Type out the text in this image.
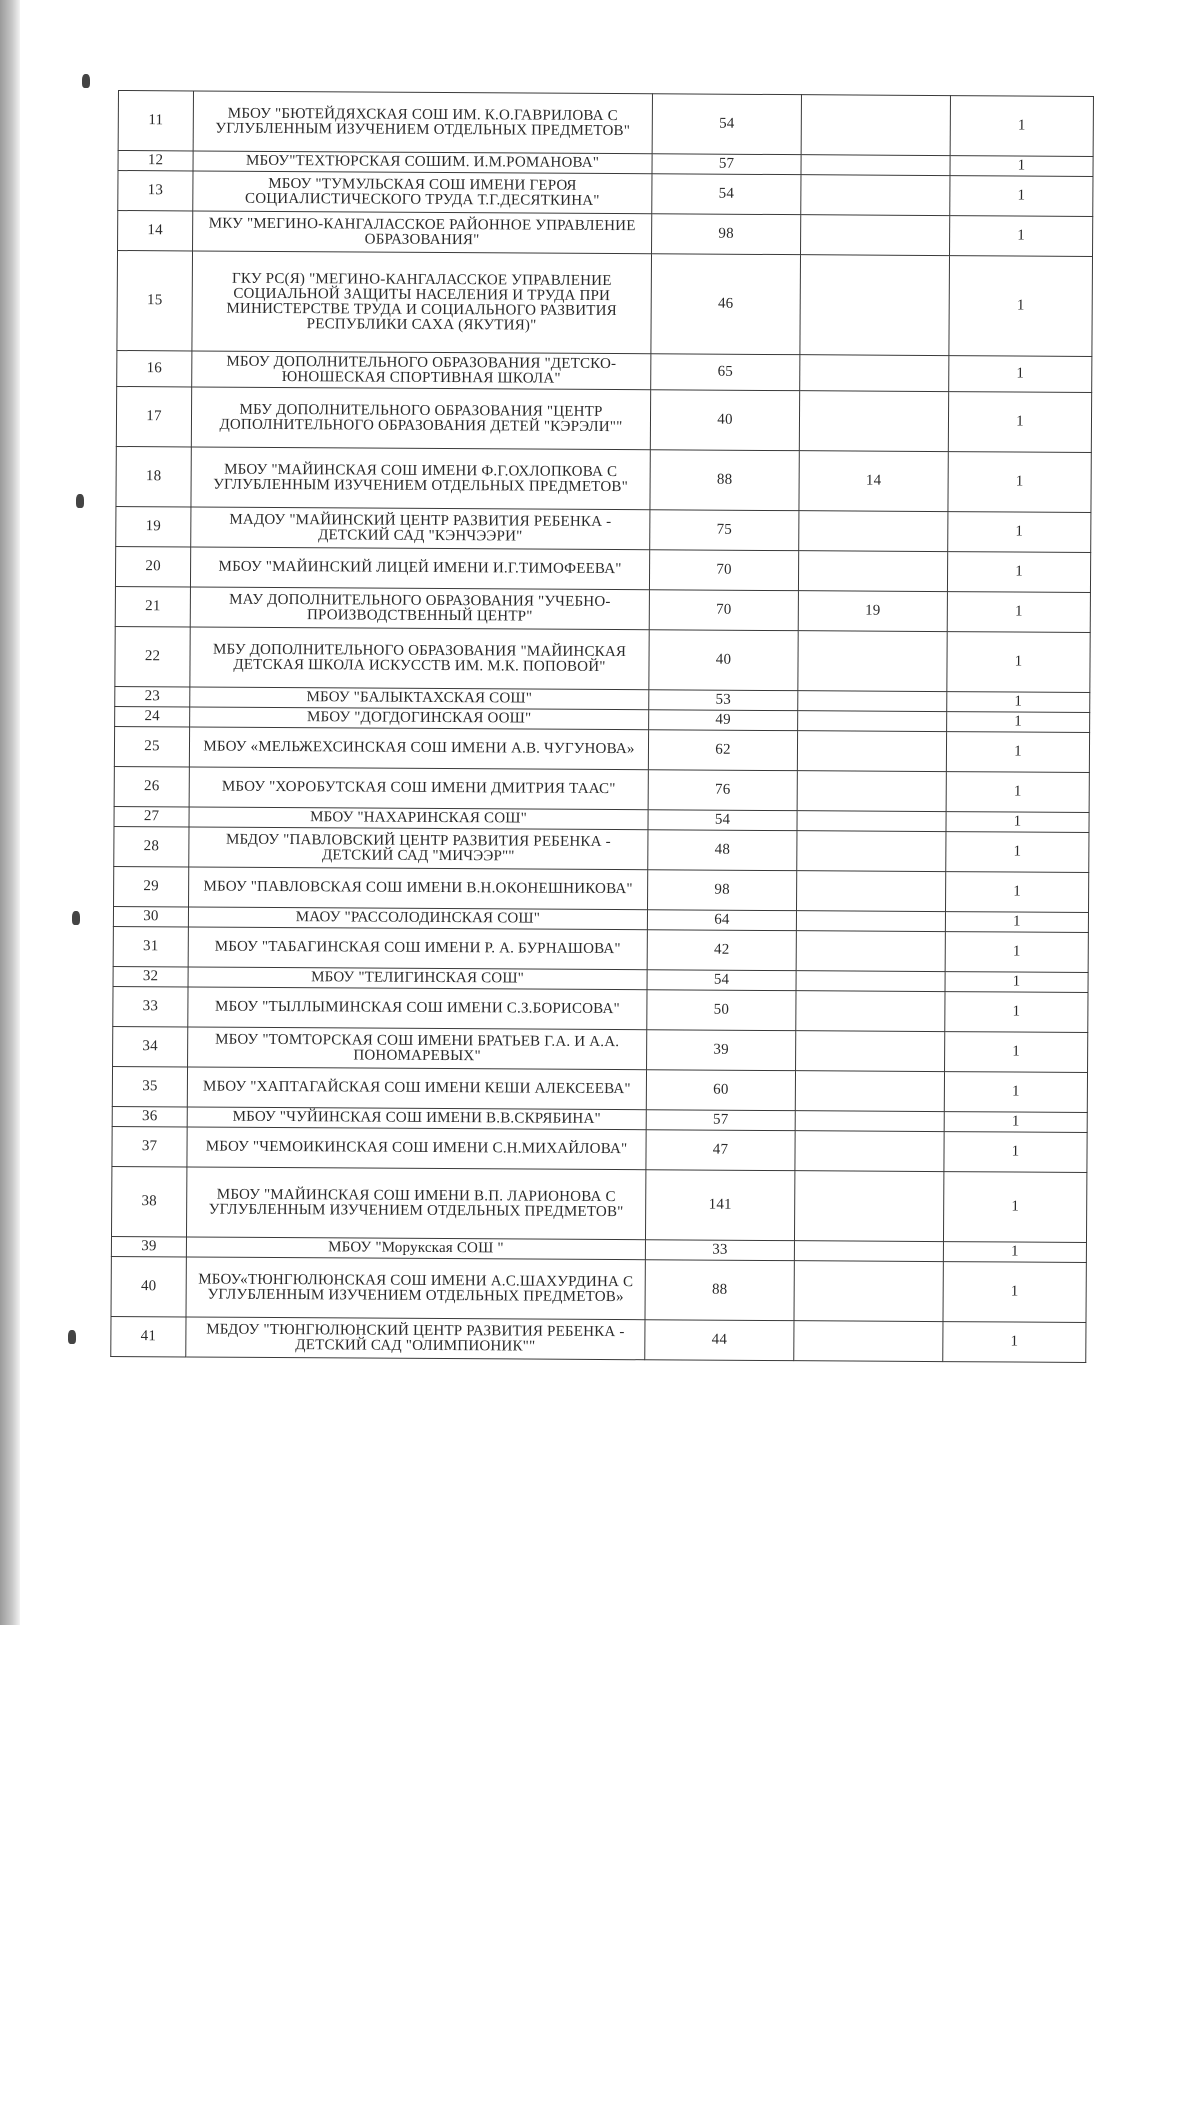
11	МБОУ "БЮТЕЙДЯХСКАЯ СОШ ИМ. К.О.ГАВРИЛОВА С УГЛУБЛЕННЫМ ИЗУЧЕНИЕМ ОТДЕЛЬНЫХ ПРЕДМЕТОВ"	54		1
12	МБОУ"ТЕХТЮРСКАЯ СОШИМ. И.М.РОМАНОВА"	57		1
13	МБОУ "ТУМУЛЬСКАЯ СОШ ИМЕНИ ГЕРОЯ СОЦИАЛИСТИЧЕСКОГО ТРУДА Т.Г.ДЕСЯТКИНА"	54		1
14	МКУ "МЕГИНО-КАНГАЛАССКОЕ РАЙОННОЕ УПРАВЛЕНИЕ ОБРАЗОВАНИЯ"	98		1
15	ГКУ РС(Я) "МЕГИНО-КАНГАЛАССКОЕ УПРАВЛЕНИЕ СОЦИАЛЬНОЙ ЗАЩИТЫ НАСЕЛЕНИЯ И ТРУДА ПРИ МИНИСТЕРСТВЕ ТРУДА И СОЦИАЛЬНОГО РАЗВИТИЯ РЕСПУБЛИКИ САХА (ЯКУТИЯ)"	46		1
16	МБОУ ДОПОЛНИТЕЛЬНОГО ОБРАЗОВАНИЯ "ДЕТСКО-ЮНОШЕСКАЯ СПОРТИВНАЯ ШКОЛА"	65		1
17	МБУ ДОПОЛНИТЕЛЬНОГО ОБРАЗОВАНИЯ "ЦЕНТР ДОПОЛНИТЕЛЬНОГО ОБРАЗОВАНИЯ ДЕТЕЙ "КЭРЭЛИ""	40		1
18	МБОУ "МАЙИНСКАЯ СОШ ИМЕНИ Ф.Г.ОХЛОПКОВА С УГЛУБЛЕННЫМ ИЗУЧЕНИЕМ ОТДЕЛЬНЫХ ПРЕДМЕТОВ"	88	14	1
19	МАДОУ "МАЙИНСКИЙ ЦЕНТР РАЗВИТИЯ РЕБЕНКА - ДЕТСКИЙ САД "КЭНЧЭЭРИ"	75		1
20	МБОУ "МАЙИНСКИЙ ЛИЦЕЙ ИМЕНИ И.Г.ТИМОФЕЕВА"	70		1
21	МАУ ДОПОЛНИТЕЛЬНОГО ОБРАЗОВАНИЯ "УЧЕБНО-ПРОИЗВОДСТВЕННЫЙ ЦЕНТР"	70	19	1
22	МБУ ДОПОЛНИТЕЛЬНОГО ОБРАЗОВАНИЯ "МАЙИНСКАЯ ДЕТСКАЯ ШКОЛА ИСКУССТВ ИМ. М.К. ПОПОВОЙ"	40		1
23	МБОУ "БАЛЫКТАХСКАЯ СОШ"	53		1
24	МБОУ "ДОГДОГИНСКАЯ ООШ"	49		1
25	МБОУ «МЕЛЬЖЕХСИНСКАЯ СОШ ИМЕНИ А.В. ЧУГУНОВА»	62		1
26	МБОУ "ХОРОБУТСКАЯ СОШ ИМЕНИ ДМИТРИЯ ТААС"	76		1
27	МБОУ "НАХАРИНСКАЯ СОШ"	54		1
28	МБДОУ "ПАВЛОВСКИЙ ЦЕНТР РАЗВИТИЯ РЕБЕНКА - ДЕТСКИЙ САД "МИЧЭЭР""	48		1
29	МБОУ "ПАВЛОВСКАЯ СОШ ИМЕНИ В.Н.ОКОНЕШНИКОВА"	98		1
30	МАОУ "РАССОЛОДИНСКАЯ СОШ"	64		1
31	МБОУ "ТАБАГИНСКАЯ СОШ ИМЕНИ Р. А. БУРНАШОВА"	42		1
32	МБОУ "ТЕЛИГИНСКАЯ СОШ"	54		1
33	МБОУ "ТЫЛЛЫМИНСКАЯ СОШ ИМЕНИ С.З.БОРИСОВА"	50		1
34	МБОУ "ТОМТОРСКАЯ СОШ ИМЕНИ БРАТЬЕВ Г.А. И А.А. ПОНОМАРЕВЫХ"	39		1
35	МБОУ "ХАПТАГАЙСКАЯ СОШ ИМЕНИ КЕШИ АЛЕКСЕЕВА"	60		1
36	МБОУ "ЧУЙИНСКАЯ СОШ ИМЕНИ В.В.СКРЯБИНА"	57		1
37	МБОУ "ЧЕМОИКИНСКАЯ СОШ ИМЕНИ С.Н.МИХАЙЛОВА"	47		1
38	МБОУ "МАЙИНСКАЯ СОШ ИМЕНИ В.П. ЛАРИОНОВА С УГЛУБЛЕННЫМ ИЗУЧЕНИЕМ ОТДЕЛЬНЫХ ПРЕДМЕТОВ"	141		1
39	МБОУ "Морукская СОШ "	33		1
40	МБОУ«ТЮНГЮЛЮНСКАЯ СОШ ИМЕНИ А.С.ШАХУРДИНА С УГЛУБЛЕННЫМ ИЗУЧЕНИЕМ ОТДЕЛЬНЫХ ПРЕДМЕТОВ»	88		1
41	МБДОУ "ТЮНГЮЛЮНСКИЙ ЦЕНТР РАЗВИТИЯ РЕБЕНКА - ДЕТСКИЙ САД "ОЛИМПИОНИК""	44		1
